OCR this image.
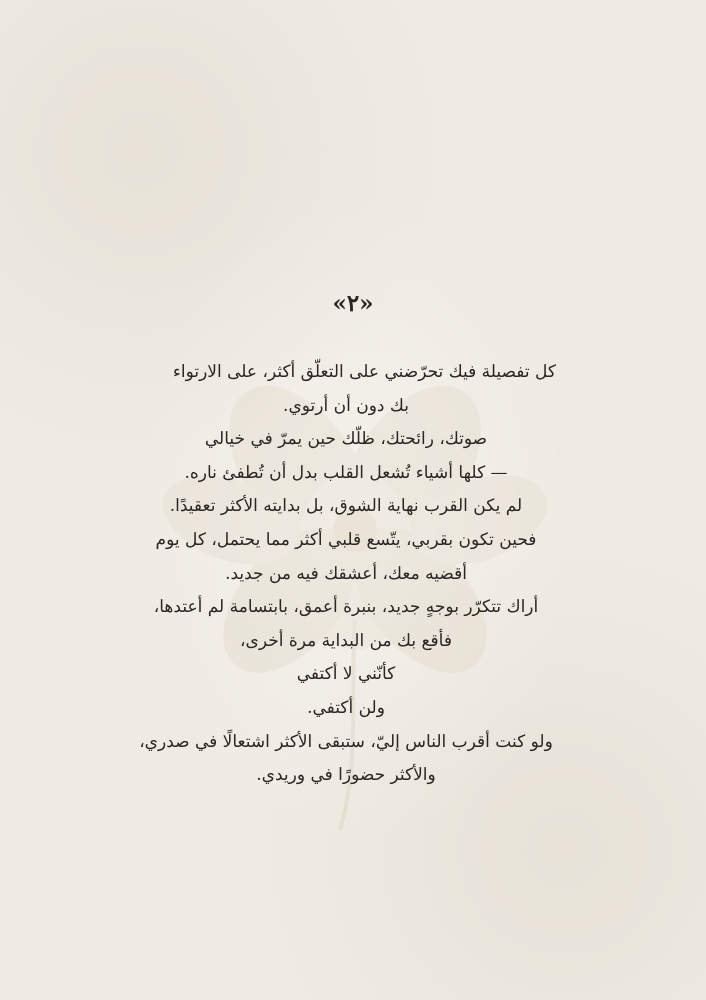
«٢»
كل تفصيلة فيك تحرّضني على التعلّق أكثر، على الارتواء
بك دون أن أرتوي.
صوتك، رائحتك، ظلّك حين يمرّ في خيالي
— كلها أشياء تُشعل القلب بدل أن تُطفئ ناره.
لم يكن القرب نهاية الشوق، بل بدايته الأكثر تعقيدًا.
فحين تكون بقربي، يتّسع قلبي أكثر مما يحتمل، كل يوم
أقضيه معك، أعشقك فيه من جديد.
أراك تتكرّر بوجهٍ جديد، بنبرة أعمق، بابتسامة لم أعتدها،
فأقع بك من البداية مرة أخرى،
كأنّني لا أكتفي
ولن أكتفي.
ولو كنت أقرب الناس إليّ، ستبقى الأكثر اشتعالًا في صدري،
والأكثر حضورًا في وريدي.
